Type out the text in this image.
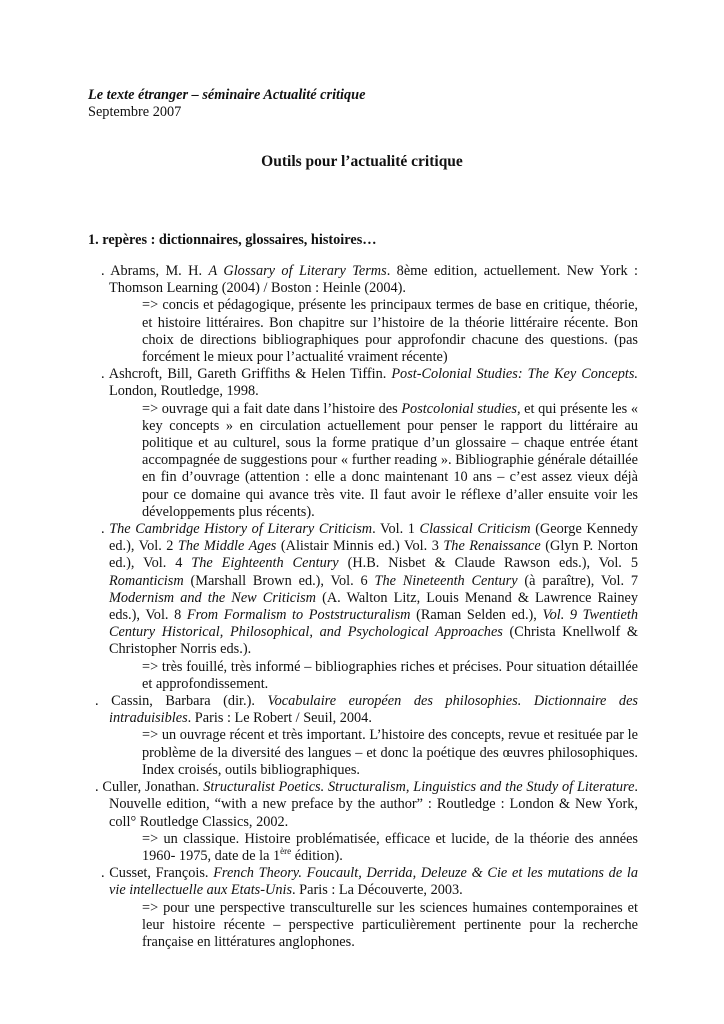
Le texte étranger – séminaire Actualité critique
Septembre 2007
Outils pour l’actualité critique
1. repères : dictionnaires, glossaires, histoires…

. Abrams, M. H. A Glossary of Literary Terms. 8ème edition, actuellement. New York : Thomson Learning (2004) / Boston : Heinle (2004).

=> concis et pédagogique, présente les principaux termes de base en critique, théorie, et histoire littéraires. Bon chapitre sur l’histoire de la théorie littéraire récente. Bon choix de directions bibliographiques pour approfondir chacune des questions. (pas forcément le mieux pour l’actualité vraiment récente)

. Ashcroft, Bill, Gareth Griffiths & Helen Tiffin. Post-Colonial Studies: The Key Concepts. London, Routledge, 1998.

=> ouvrage qui a fait date dans l’histoire des Postcolonial studies, et qui présente les « key concepts » en circulation actuellement pour penser le rapport du littéraire au politique et au culturel, sous la forme pratique d’un glossaire – chaque entrée étant accompagnée de suggestions pour « further reading ». Bibliographie générale détaillée en fin d’ouvrage (attention : elle a donc maintenant 10 ans – c’est assez vieux déjà pour ce domaine qui avance très vite. Il faut avoir le réflexe d’aller ensuite voir les développements plus récents).

. The Cambridge History of Literary Criticism. Vol. 1 Classical Criticism (George Kennedy ed.), Vol. 2 The Middle Ages (Alistair Minnis ed.) Vol. 3 The Renaissance (Glyn P. Norton ed.), Vol. 4 The Eighteenth Century (H.B. Nisbet & Claude Rawson eds.), Vol. 5 Romanticism (Marshall Brown ed.), Vol. 6 The Nineteenth Century (à paraître), Vol. 7 Modernism and the New Criticism (A. Walton Litz, Louis Menand & Lawrence Rainey eds.), Vol. 8 From Formalism to Poststructuralism (Raman Selden ed.), Vol. 9 Twentieth Century Historical, Philosophical, and Psychological Approaches (Christa Knellwolf & Christopher Norris eds.).

=> très fouillé, très informé – bibliographies riches et précises. Pour situation détaillée et approfondissement.

. Cassin, Barbara (dir.). Vocabulaire européen des philosophies. Dictionnaire des intraduisibles. Paris : Le Robert / Seuil, 2004.

=> un ouvrage récent et très important. L’histoire des concepts, revue et resituée par le problème de la diversité des langues – et donc la poétique des œuvres philosophiques. Index croisés, outils bibliographiques.

. Culler, Jonathan. Structuralist Poetics. Structuralism, Linguistics and the Study of Literature. Nouvelle edition, “with a new preface by the author” : Routledge : London & New York, coll° Routledge Classics, 2002.

=> un classique. Histoire problématisée, efficace et lucide, de la théorie des années 1960- 1975, date de la 1ère édition).

. Cusset, François. French Theory. Foucault, Derrida, Deleuze & Cie et les mutations de la vie intellectuelle aux Etats-Unis. Paris : La Découverte, 2003.

=> pour une perspective transculturelle sur les sciences humaines contemporaines et leur histoire récente – perspective particulièrement pertinente pour la recherche française en littératures anglophones.
